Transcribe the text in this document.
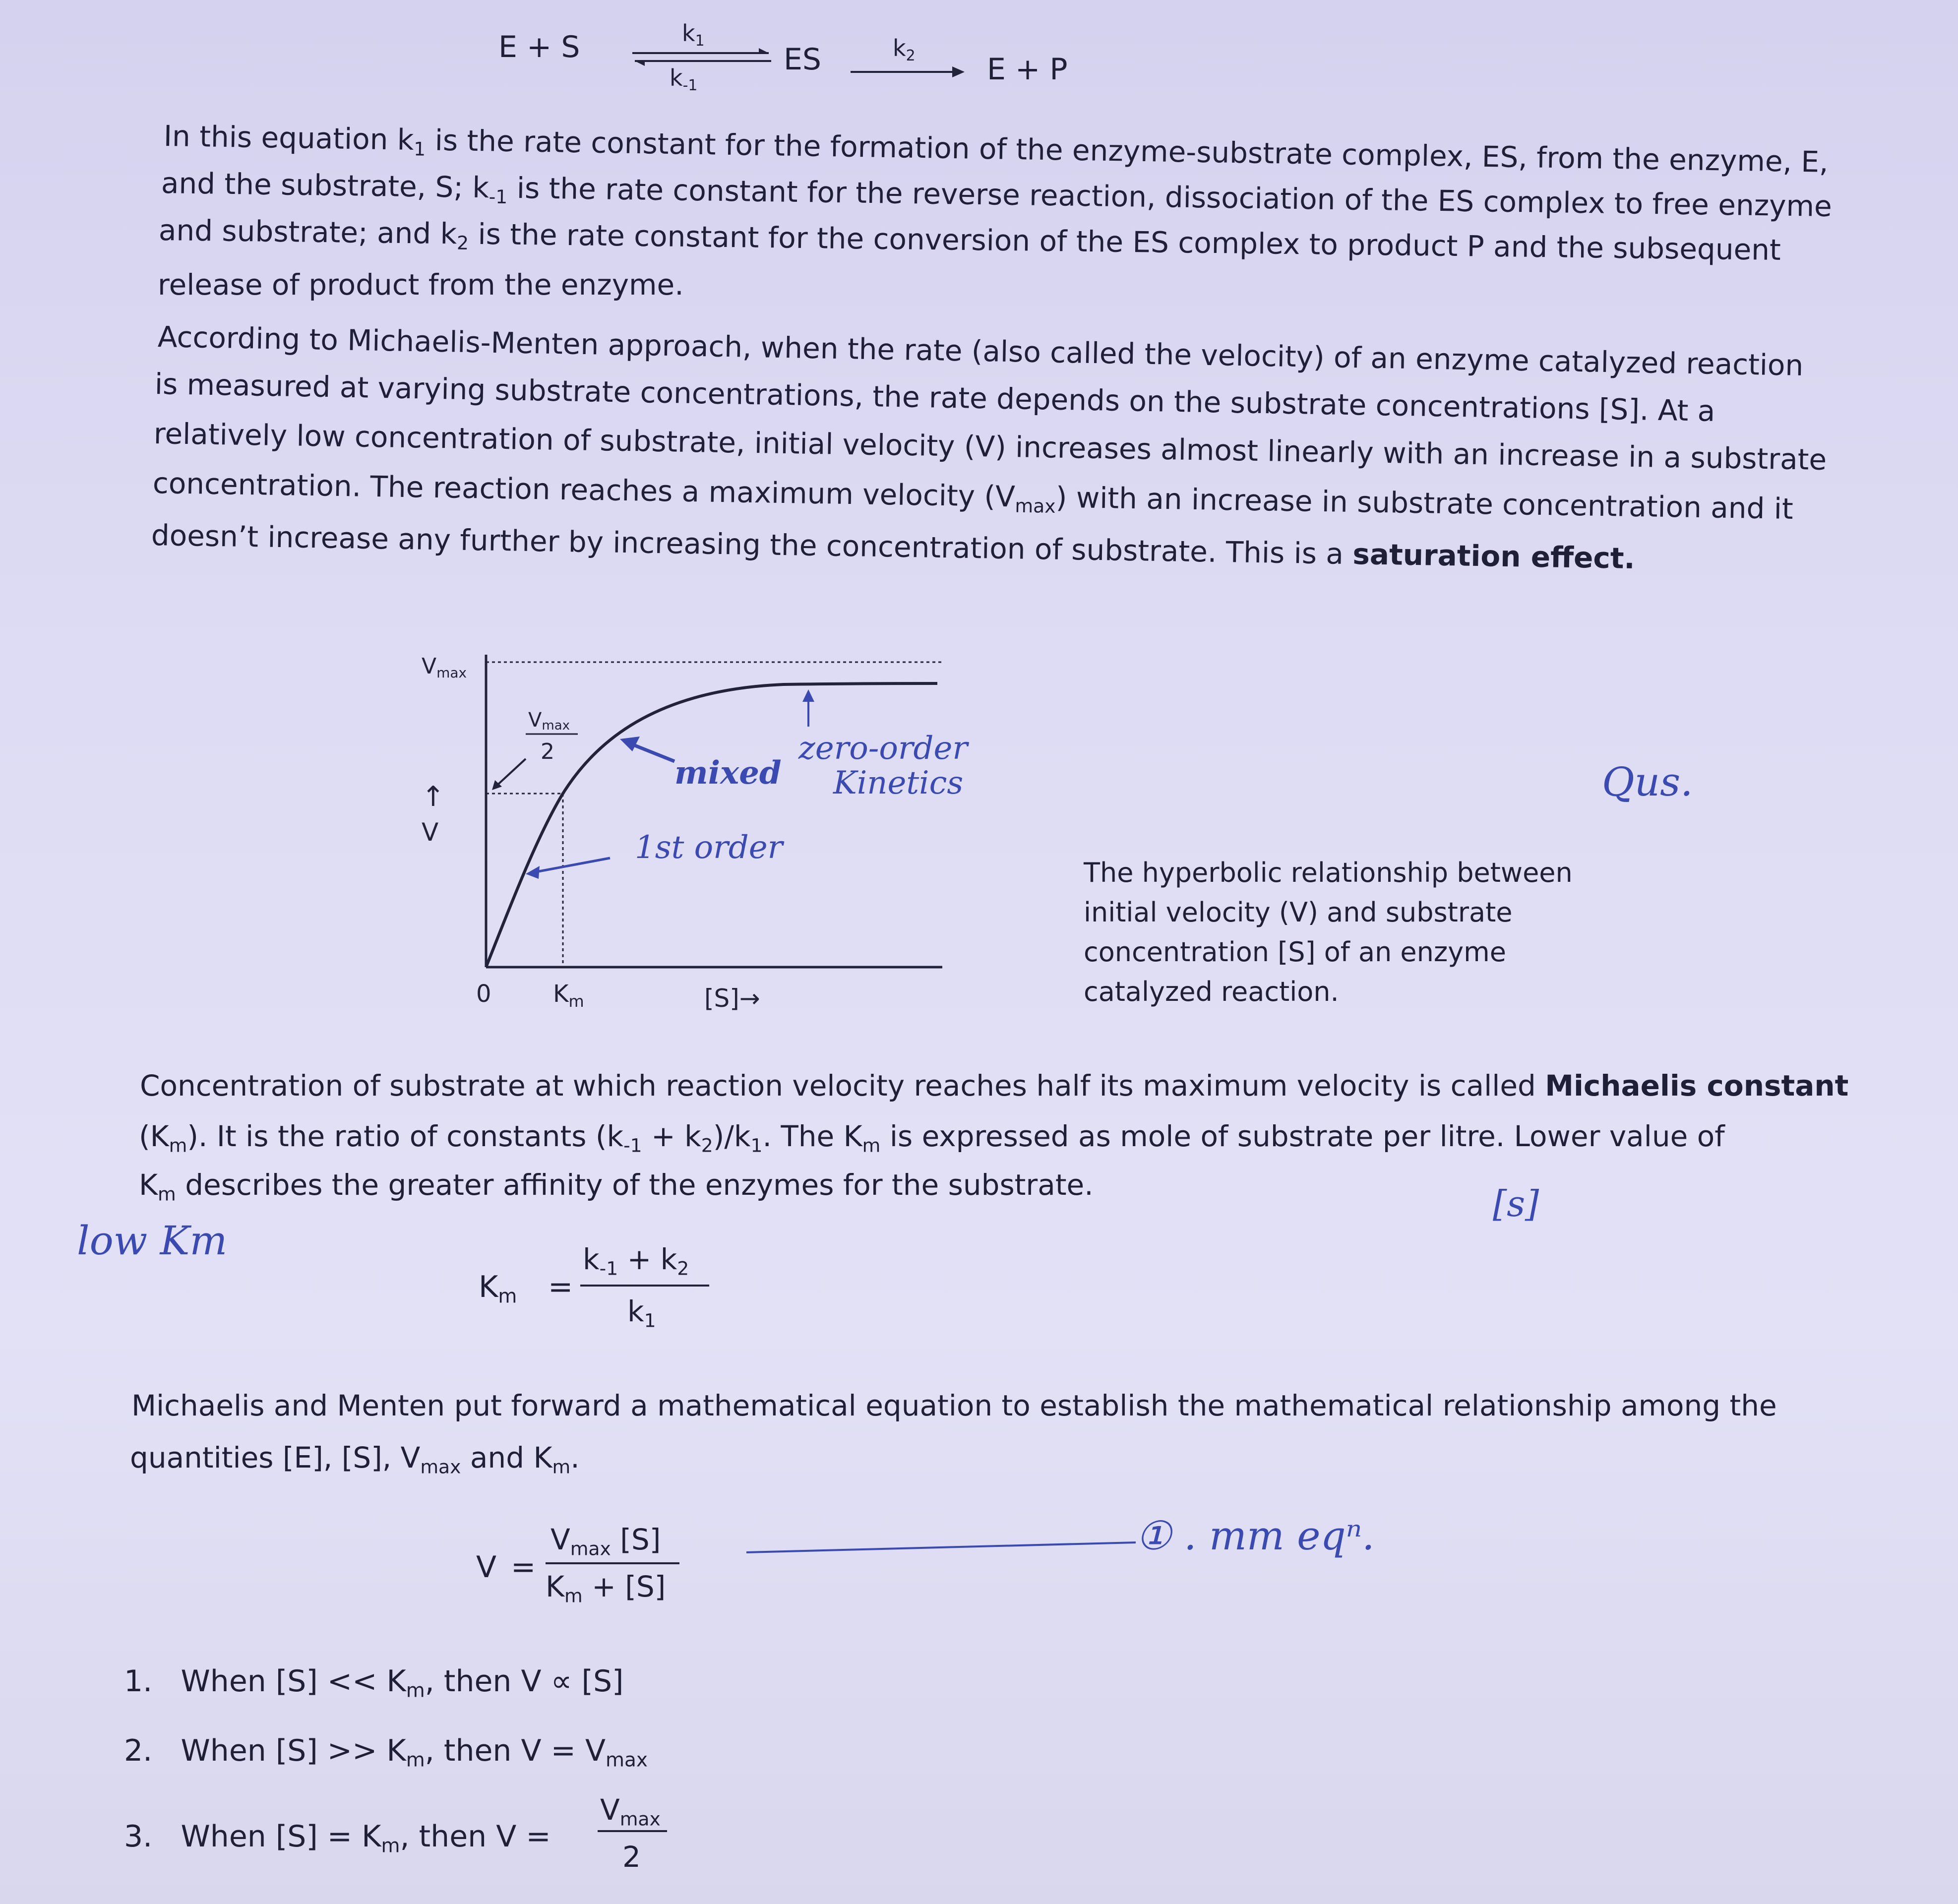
E + S	$k_1$
$k_{-1}$
ES	$k_2$ E + P
In this equation $k_1$ is the rate constant for the formation of the enzyme-substrate complex, ES, from the enzyme, E,
and the substrate, S; $k_{-1}$ is the rate constant for the reverse reaction, dissociation of the ES complex to free enzyme
and substrate; and $k_2$ is the rate constant for the conversion of the ES complex to product P and the subsequent
release of product from the enzyme.
According to Michaelis-Menten approach, when the rate (also called the velocity) of an enzyme catalyzed reaction
is measured at varying substrate concentrations, the rate depends on the substrate concentrations [S]. At a
relatively low concentration of substrate, initial velocity (V) increases almost linearly with an increase in a substrate
concentration. The reaction reaches a maximum velocity $(V_{max})$ with an increase in substrate concentration and it
doesn’t increase any further by increasing the concentration of substrate. This is a saturation effect.
Vmax
Vmax
2
↑
V
0	$K_m$	[S]→
zero-order
Kinetics
mixed
1st order
Qus.
The hyperbolic relationship between
initial velocity (V) and substrate
concentration [S] of an enzyme
catalyzed reaction.
Concentration of substrate at which reaction velocity reaches half its maximum velocity is called Michaelis constant
$(K_m)$. It is the ratio of constants $(k_{-1} + k_2)/k_1$. The $K_m$ is expressed as mole of substrate per litre. Lower value of
$K_m$ describes the greater affinity of the enzymes for the substrate.	[s]
low Km
$K_m$ =
$k_{-1} + k_2$
$k_1$
Michaelis and Menten put forward a mathematical equation to establish the mathematical relationship among the
quantities [E], [S], $V_{max}$ and $K_m$.
V =
$V_{max}$ [S]
$K_m + [S]$
① . mm eqⁿ.
1. When $[S] << K_m$, then V ∝ [S]
2. When $[S] >> K_m$, then $V = V_{max}$
3. When $[S] = K_m$, then V =
$V_{max}$
2
